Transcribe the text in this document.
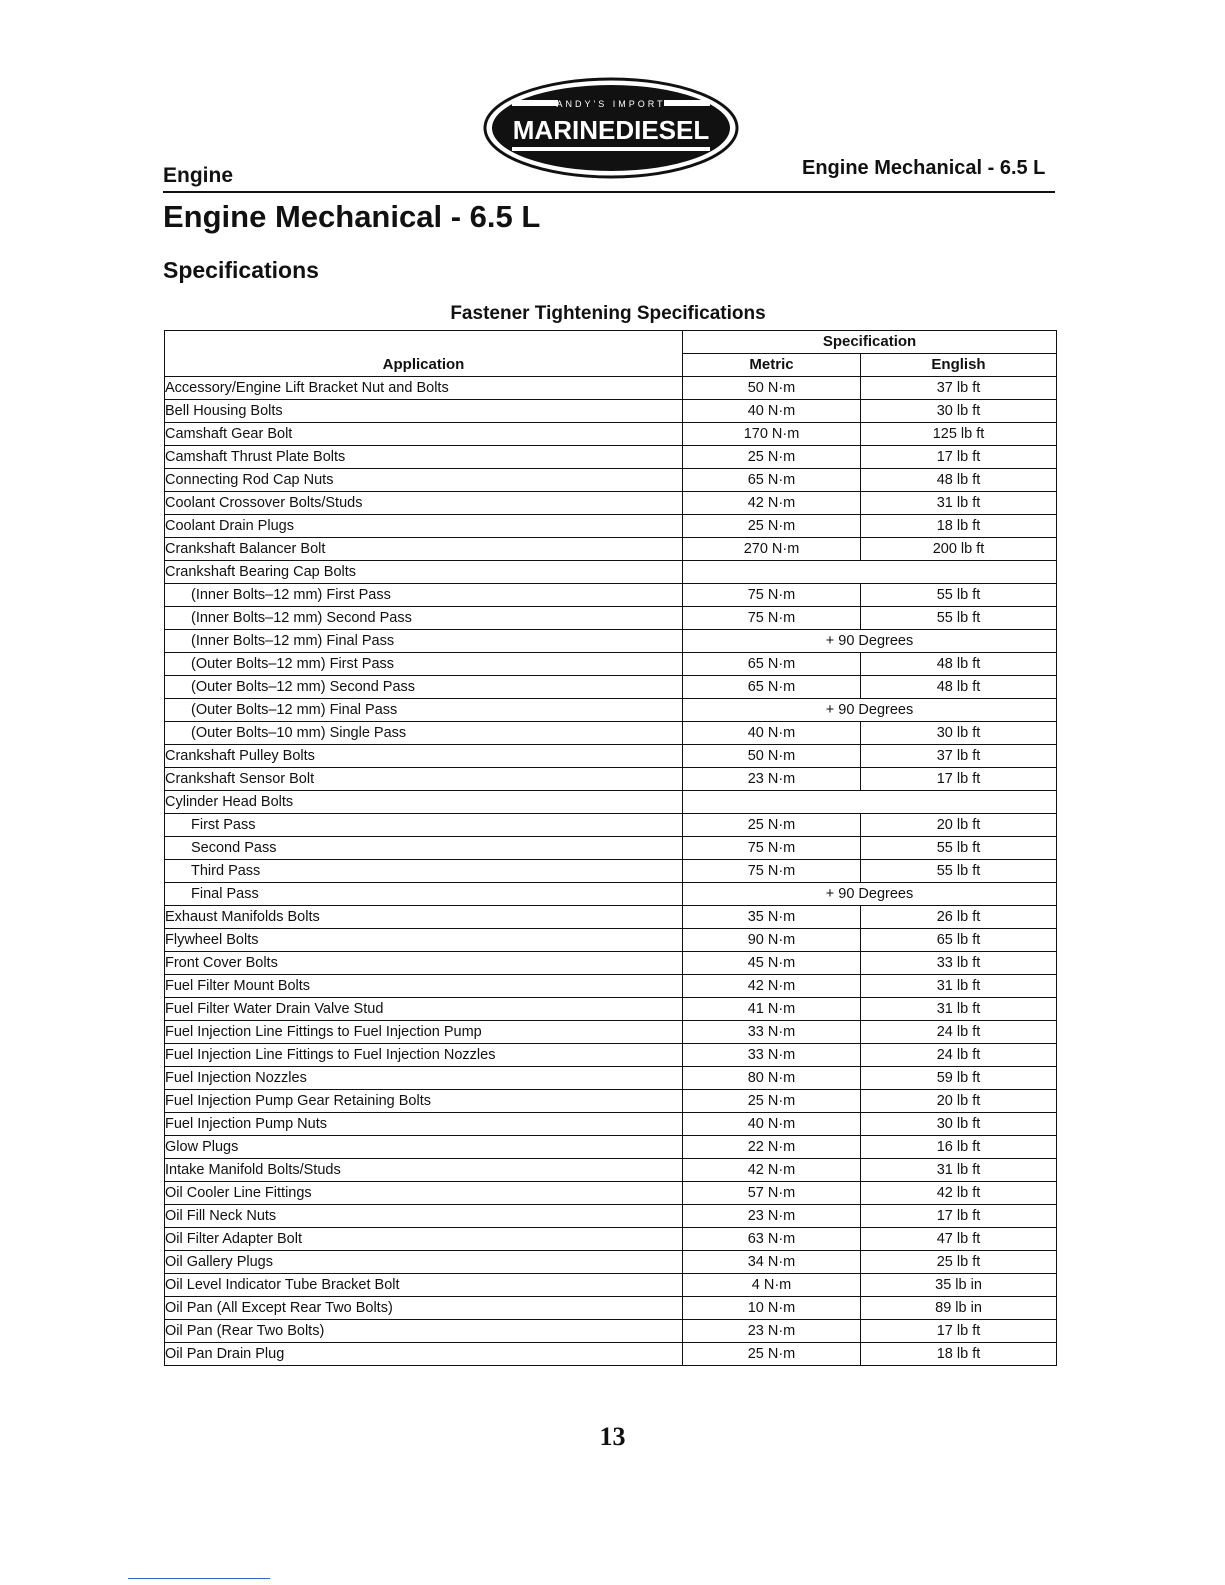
ANDY'S IMPORT
MARINEDIESEL
Engine	Engine Mechanical - 6.5 L
Engine Mechanical - 6.5 L
Specifications
Fastener Tightening Specifications
Application	Specification	
	Metric	English
Accessory/Engine Lift Bracket Nut and Bolts	50 N·m	37 lb ft
Bell Housing Bolts	40 N·m	30 lb ft
Camshaft Gear Bolt	170 N·m	125 lb ft
Camshaft Thrust Plate Bolts	25 N·m	17 lb ft
Connecting Rod Cap Nuts	65 N·m	48 lb ft
Coolant Crossover Bolts/Studs	42 N·m	31 lb ft
Coolant Drain Plugs	25 N·m	18 lb ft
Crankshaft Balancer Bolt	270 N·m	200 lb ft
Crankshaft Bearing Cap Bolts		
(Inner Bolts–12 mm) First Pass	75 N·m	55 lb ft
(Inner Bolts–12 mm) Second Pass	75 N·m	55 lb ft
(Inner Bolts–12 mm) Final Pass	+ 90 Degrees	
(Outer Bolts–12 mm) First Pass	65 N·m	48 lb ft
(Outer Bolts–12 mm) Second Pass	65 N·m	48 lb ft
(Outer Bolts–12 mm) Final Pass	+ 90 Degrees	
(Outer Bolts–10 mm) Single Pass	40 N·m	30 lb ft
Crankshaft Pulley Bolts	50 N·m	37 lb ft
Crankshaft Sensor Bolt	23 N·m	17 lb ft
Cylinder Head Bolts		
First Pass	25 N·m	20 lb ft
Second Pass	75 N·m	55 lb ft
Third Pass	75 N·m	55 lb ft
Final Pass	+ 90 Degrees	
Exhaust Manifolds Bolts	35 N·m	26 lb ft
Flywheel Bolts	90 N·m	65 lb ft
Front Cover Bolts	45 N·m	33 lb ft
Fuel Filter Mount Bolts	42 N·m	31 lb ft
Fuel Filter Water Drain Valve Stud	41 N·m	31 lb ft
Fuel Injection Line Fittings to Fuel Injection Pump	33 N·m	24 lb ft
Fuel Injection Line Fittings to Fuel Injection Nozzles	33 N·m	24 lb ft
Fuel Injection Nozzles	80 N·m	59 lb ft
Fuel Injection Pump Gear Retaining Bolts	25 N·m	20 lb ft
Fuel Injection Pump Nuts	40 N·m	30 lb ft
Glow Plugs	22 N·m	16 lb ft
Intake Manifold Bolts/Studs	42 N·m	31 lb ft
Oil Cooler Line Fittings	57 N·m	42 lb ft
Oil Fill Neck Nuts	23 N·m	17 lb ft
Oil Filter Adapter Bolt	63 N·m	47 lb ft
Oil Gallery Plugs	34 N·m	25 lb ft
Oil Level Indicator Tube Bracket Bolt	4 N·m	35 lb in
Oil Pan (All Except Rear Two Bolts)	10 N·m	89 lb in
Oil Pan (Rear Two Bolts)	23 N·m	17 lb ft
Oil Pan Drain Plug	25 N·m	18 lb ft
13
